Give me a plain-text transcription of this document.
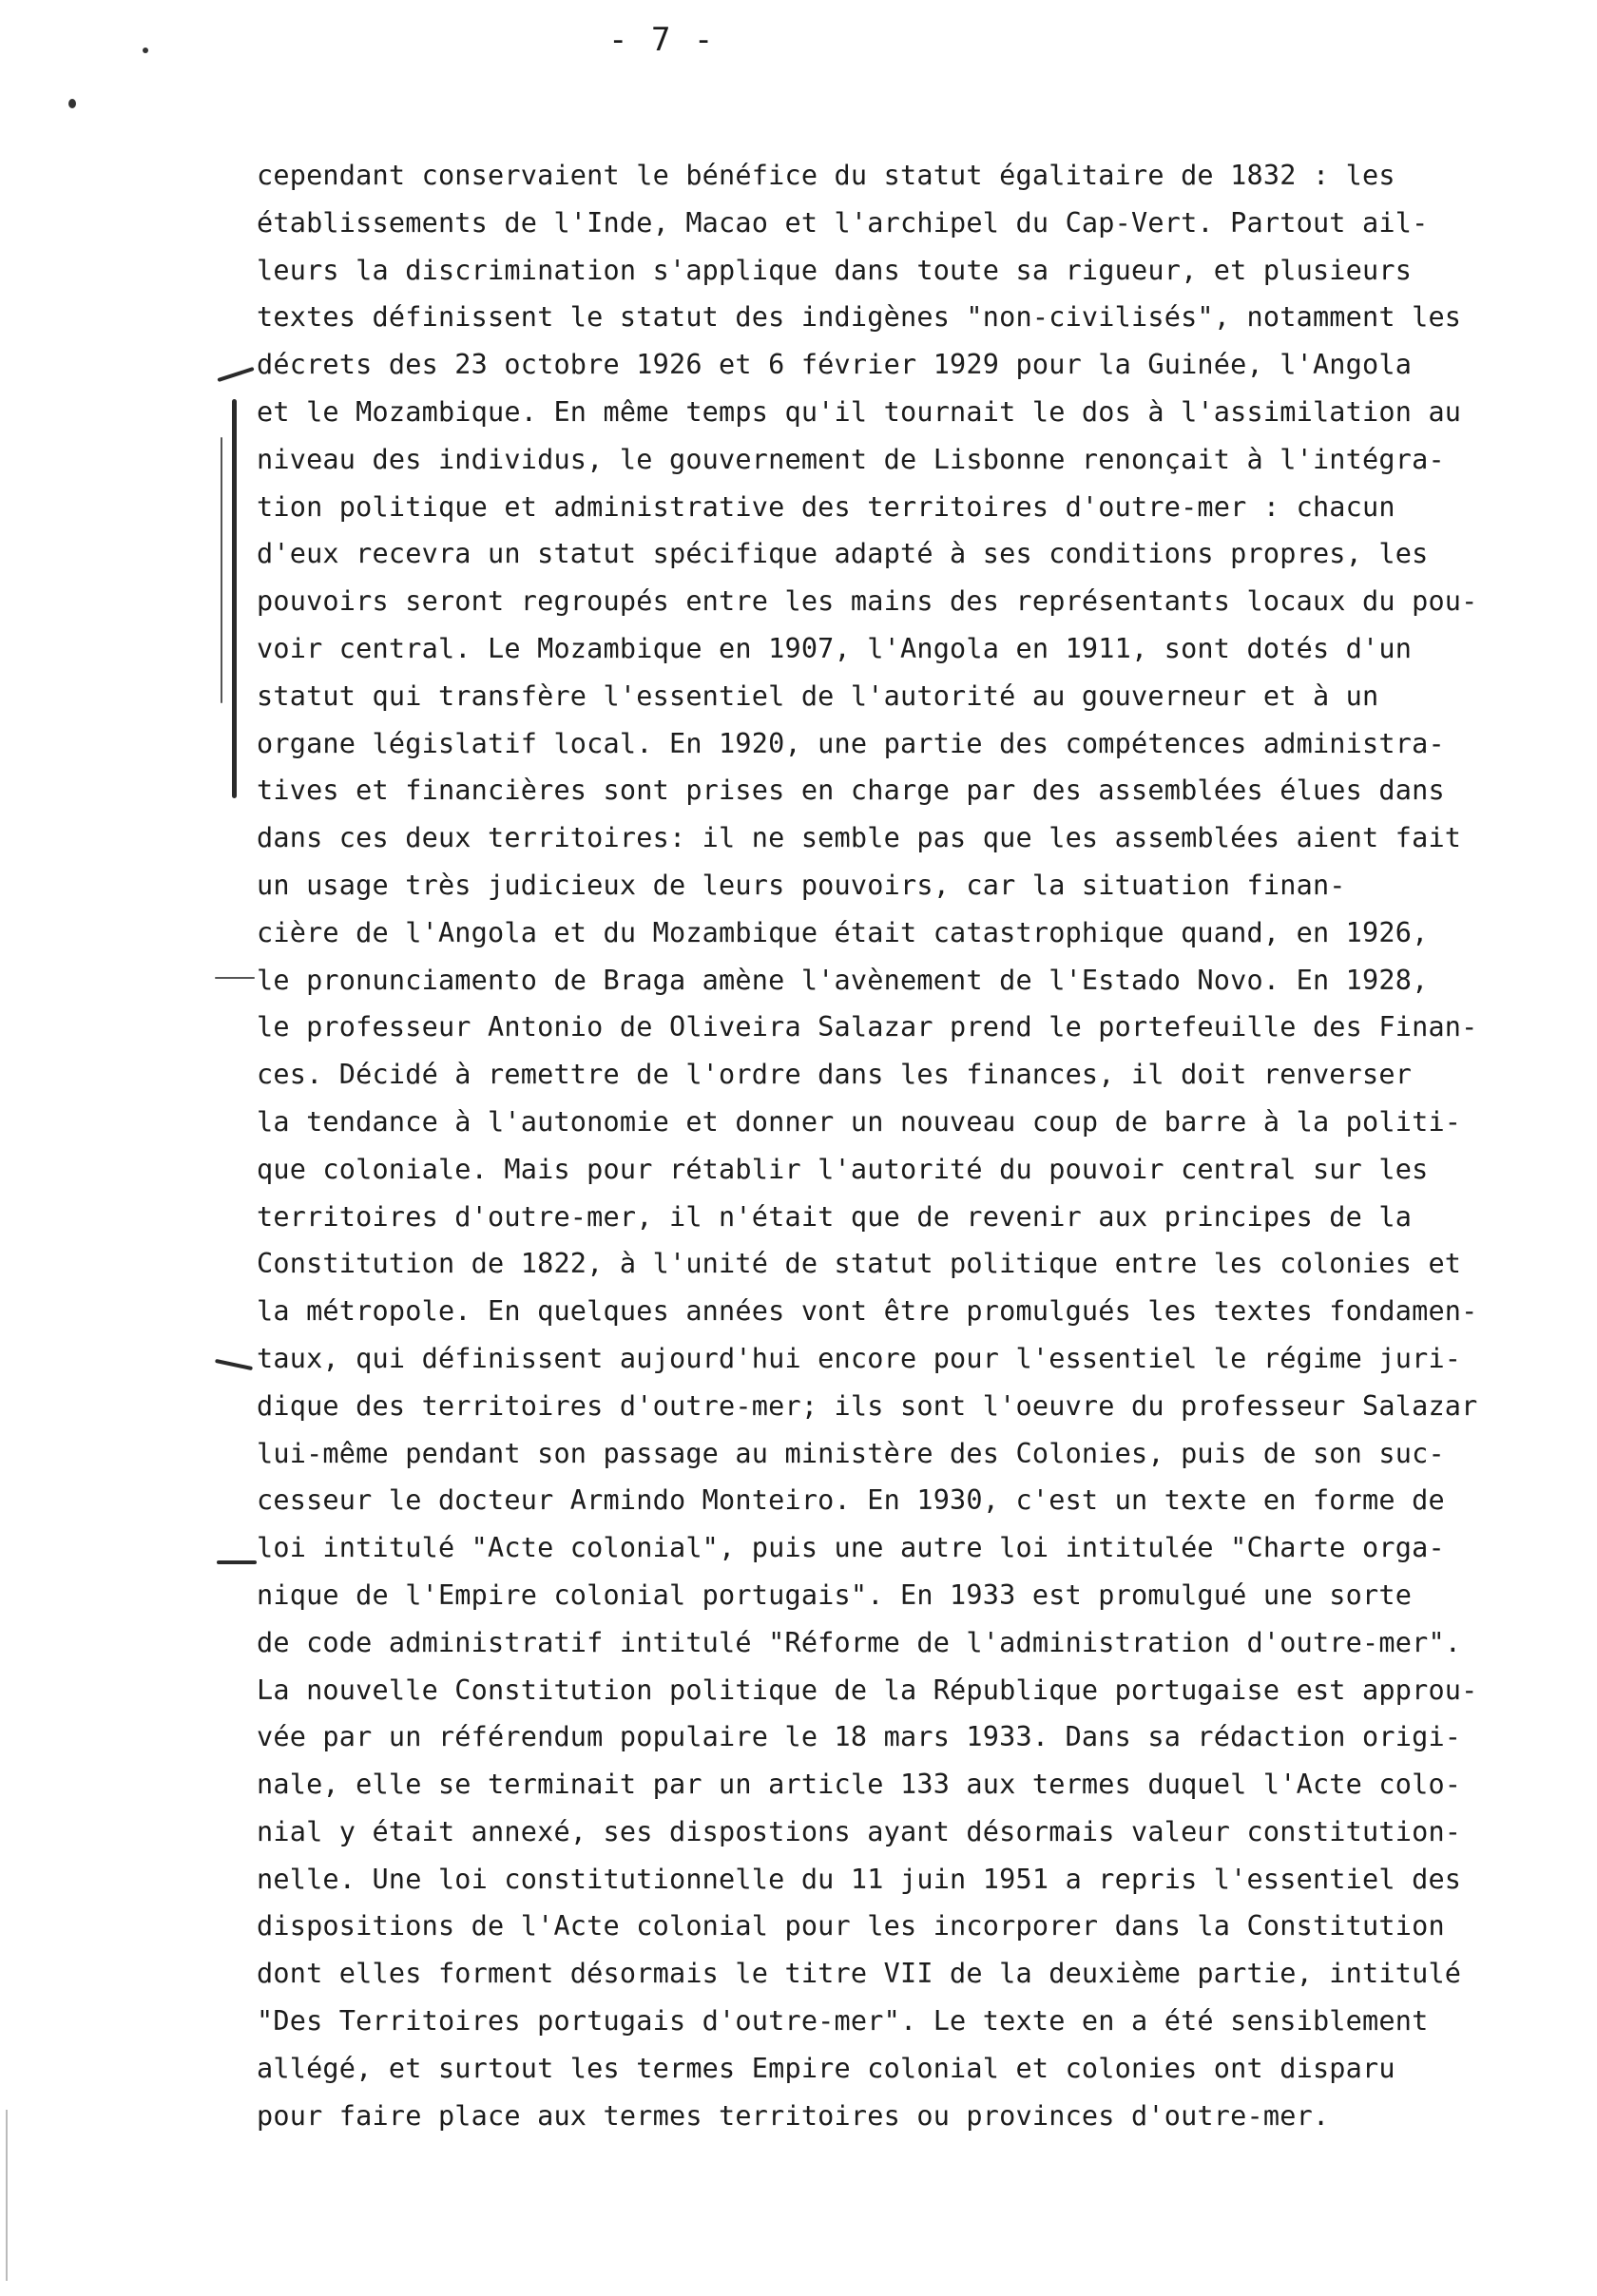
- 7 -
cependant conservaient le bénéfice du statut égalitaire de 1832 : les
établissements de l'Inde, Macao et l'archipel du Cap-Vert. Partout ail-
leurs la discrimination s'applique dans toute sa rigueur, et plusieurs
textes définissent le statut des indigènes "non-civilisés", notamment les
décrets des 23 octobre 1926 et 6 février 1929 pour la Guinée, l'Angola
et le Mozambique. En même temps qu'il tournait le dos à l'assimilation au
niveau des individus, le gouvernement de Lisbonne renonçait à l'intégra-
tion politique et administrative des territoires d'outre-mer : chacun
d'eux recevra un statut spécifique adapté à ses conditions propres, les
pouvoirs seront regroupés entre les mains des représentants locaux du pou-
voir central. Le Mozambique en 1907, l'Angola en 1911, sont dotés d'un
statut qui transfère l'essentiel de l'autorité au gouverneur et à un
organe législatif local. En 1920, une partie des compétences administra-
tives et financières sont prises en charge par des assemblées élues dans
dans ces deux territoires: il ne semble pas que les assemblées aient fait
un usage très judicieux de leurs pouvoirs, car la situation finan-
cière de l'Angola et du Mozambique était catastrophique quand, en 1926,
le pronunciamento de Braga amène l'avènement de l'Estado Novo. En 1928,
le professeur Antonio de Oliveira Salazar prend le portefeuille des Finan-
ces. Décidé à remettre de l'ordre dans les finances, il doit renverser
la tendance à l'autonomie et donner un nouveau coup de barre à la politi-
que coloniale. Mais pour rétablir l'autorité du pouvoir central sur les
territoires d'outre-mer, il n'était que de revenir aux principes de la
Constitution de 1822, à l'unité de statut politique entre les colonies et
la métropole. En quelques années vont être promulgués les textes fondamen-
taux, qui définissent aujourd'hui encore pour l'essentiel le régime juri-
dique des territoires d'outre-mer; ils sont l'oeuvre du professeur Salazar
lui-même pendant son passage au ministère des Colonies, puis de son suc-
cesseur le docteur Armindo Monteiro. En 1930, c'est un texte en forme de
loi intitulé "Acte colonial", puis une autre loi intitulée "Charte orga-
nique de l'Empire colonial portugais". En 1933 est promulgué une sorte
de code administratif intitulé "Réforme de l'administration d'outre-mer".
La nouvelle Constitution politique de la République portugaise est approu-
vée par un référendum populaire le 18 mars 1933. Dans sa rédaction origi-
nale, elle se terminait par un article 133 aux termes duquel l'Acte colo-
nial y était annexé, ses dispostions ayant désormais valeur constitution-
nelle. Une loi constitutionnelle du 11 juin 1951 a repris l'essentiel des
dispositions de l'Acte colonial pour les incorporer dans la Constitution
dont elles forment désormais le titre VII de la deuxième partie, intitulé
"Des Territoires portugais d'outre-mer". Le texte en a été sensiblement
allégé, et surtout les termes Empire colonial et colonies ont disparu
pour faire place aux termes territoires ou provinces d'outre-mer.
